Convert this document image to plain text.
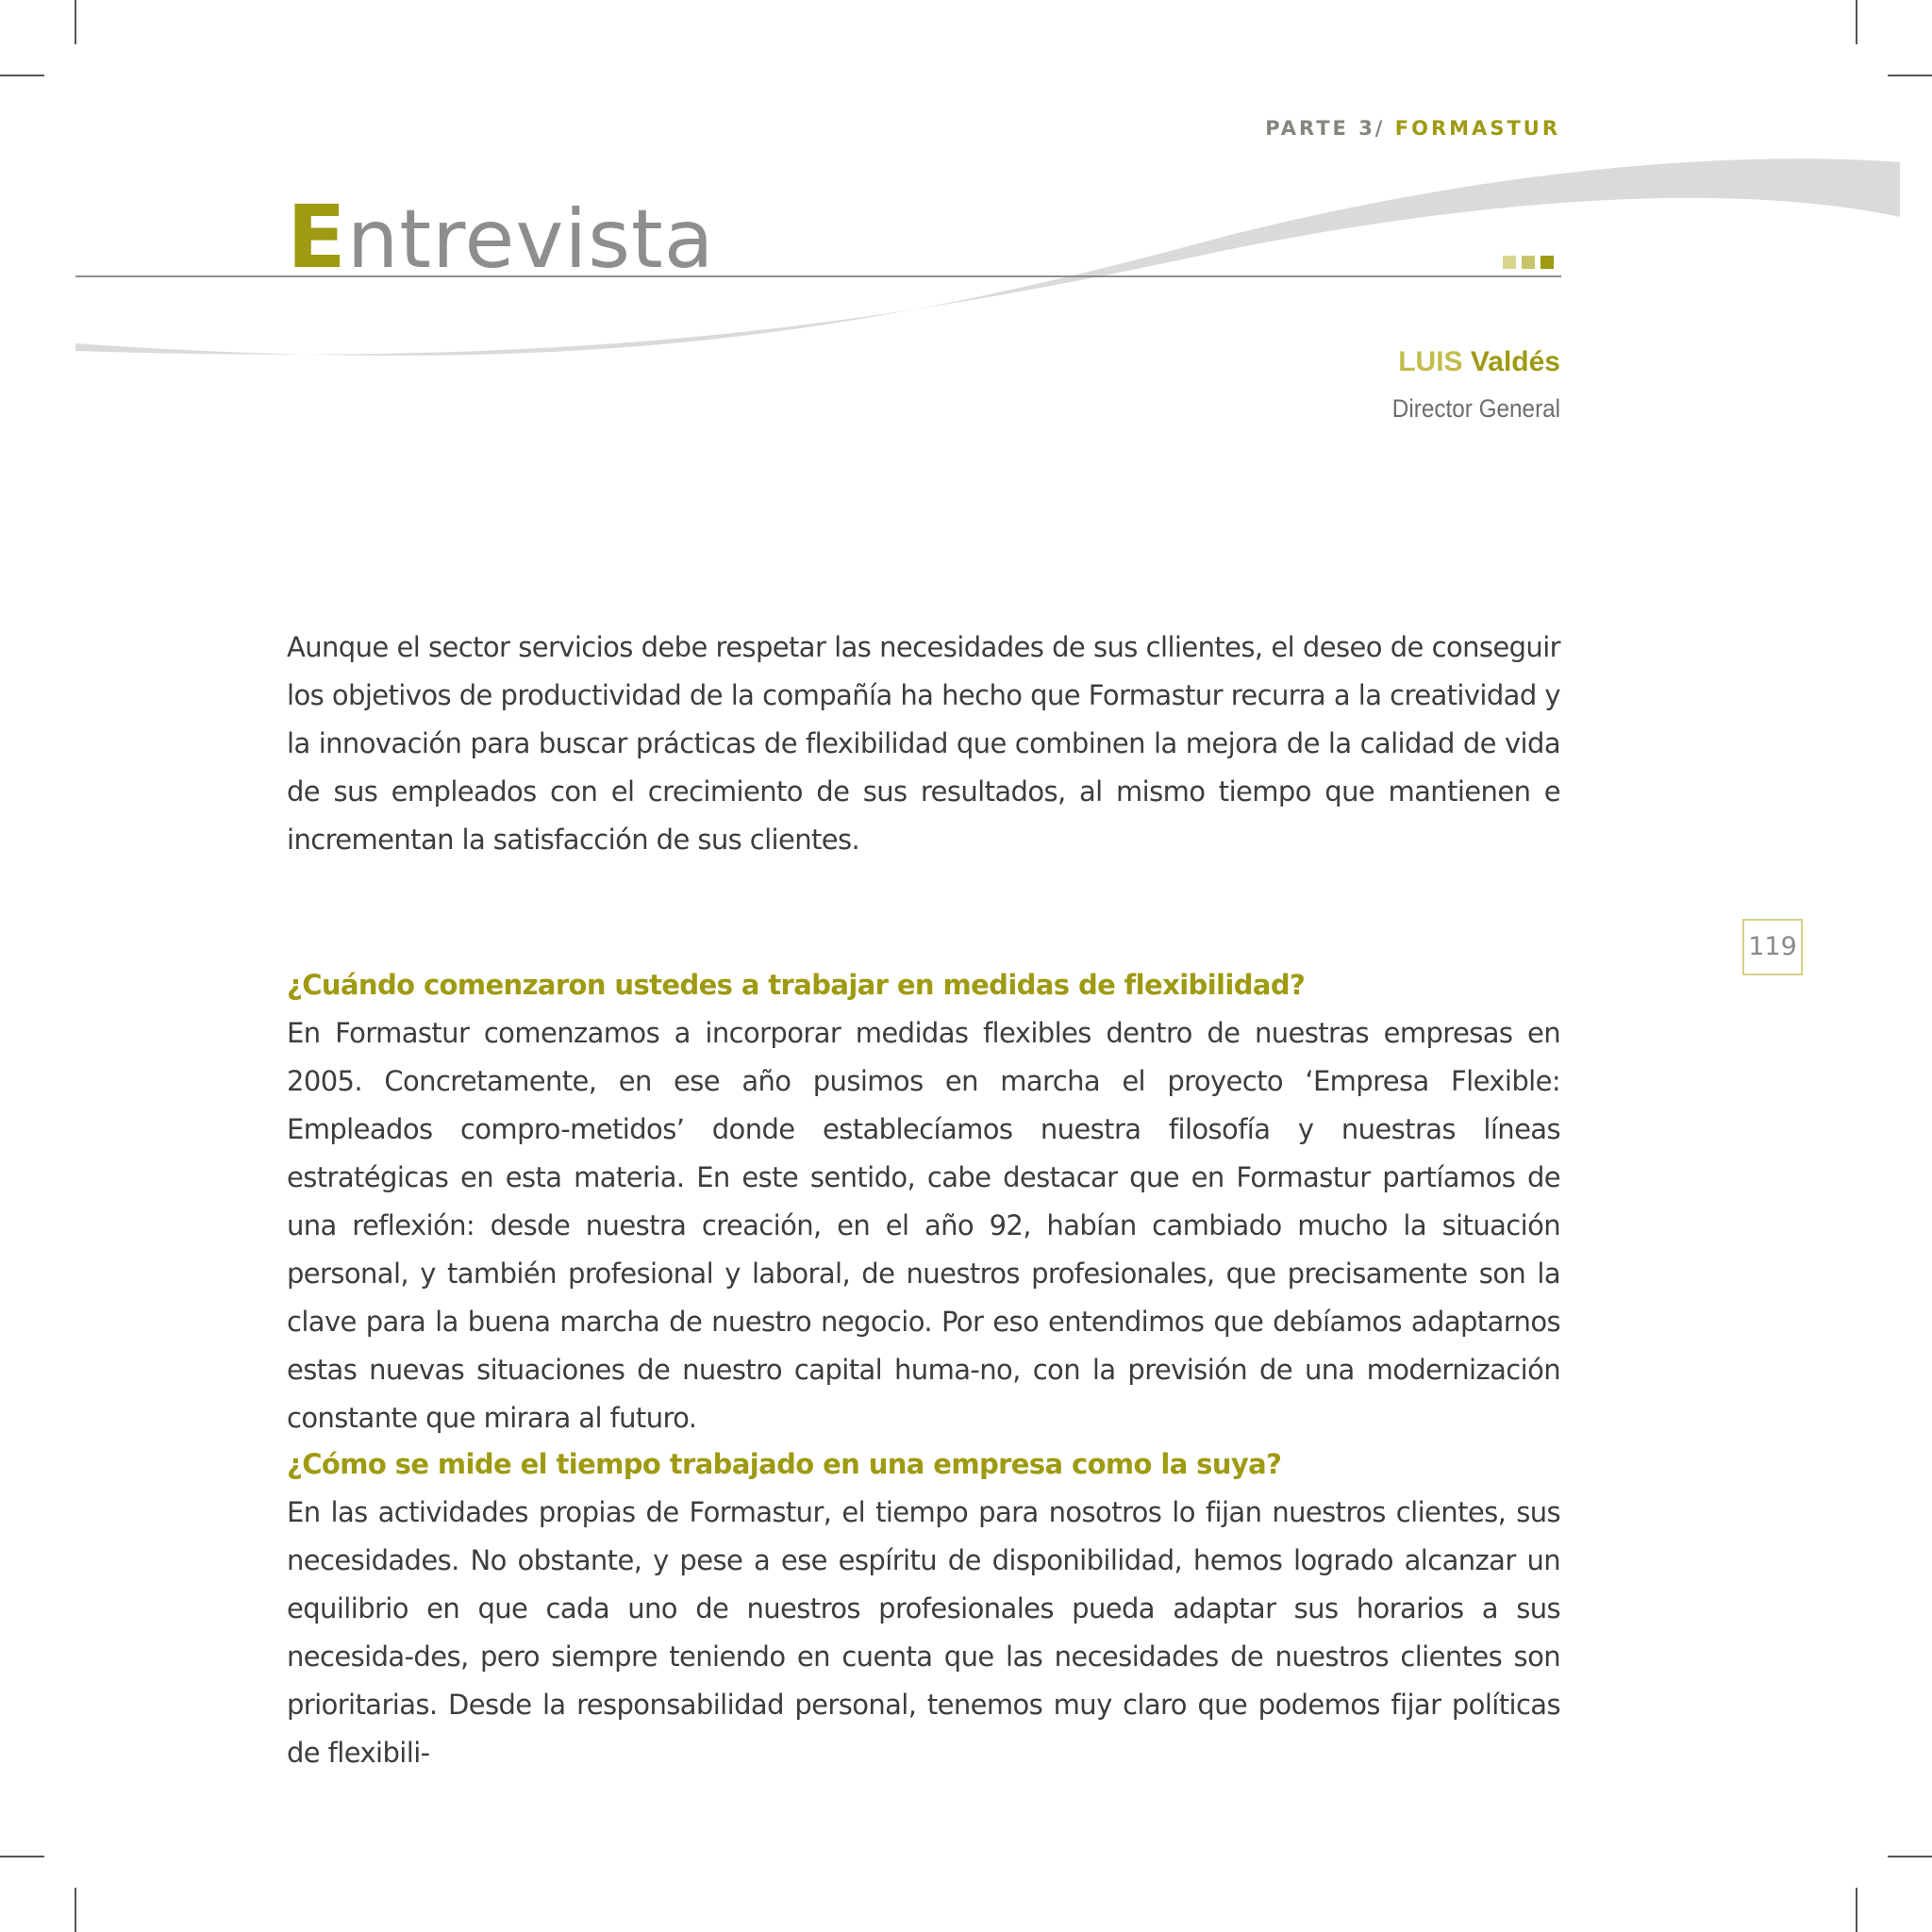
PARTE 3/ FORMASTUR
Entrevista
LUIS Valdés
Director General
Aunque el sector servicios debe respetar las necesidades de sus cllientes, el deseo de conseguir los objetivos de productividad de la compañía ha hecho que Formastur recurra a la creatividad y la innovación para buscar prácticas de flexibilidad que combinen la mejora de la calidad de vida de sus empleados con el crecimiento de sus resultados, al mismo tiempo que mantienen e incrementan la satisfacción de sus clientes.
119
¿Cuándo comenzaron ustedes a trabajar en medidas de flexibilidad?
En Formastur comenzamos a incorporar medidas flexibles dentro de nuestras empresas en 2005. Concretamente, en ese año pusimos en marcha el proyecto ‘Empresa Flexible: Empleados compro-metidos’ donde establecíamos nuestra filosofía y nuestras líneas estratégicas en esta materia. En este sentido, cabe destacar que en Formastur partíamos de una reflexión: desde nuestra creación, en el año 92, habían cambiado mucho la situación personal, y también profesional y laboral, de nuestros profesionales, que precisamente son la clave para la buena marcha de nuestro negocio. Por eso entendimos que debíamos adaptarnos estas nuevas situaciones de nuestro capital huma-no, con la previsión de una modernización constante que mirara al futuro.
¿Cómo se mide el tiempo trabajado en una empresa como la suya?
En las actividades propias de Formastur, el tiempo para nosotros lo fijan nuestros clientes, sus necesidades. No obstante, y pese a ese espíritu de disponibilidad, hemos logrado alcanzar un equilibrio en que cada uno de nuestros profesionales pueda adaptar sus horarios a sus necesida-des, pero siempre teniendo en cuenta que las necesidades de nuestros clientes son prioritarias. Desde la responsabilidad personal, tenemos muy claro que podemos fijar políticas de flexibili-
